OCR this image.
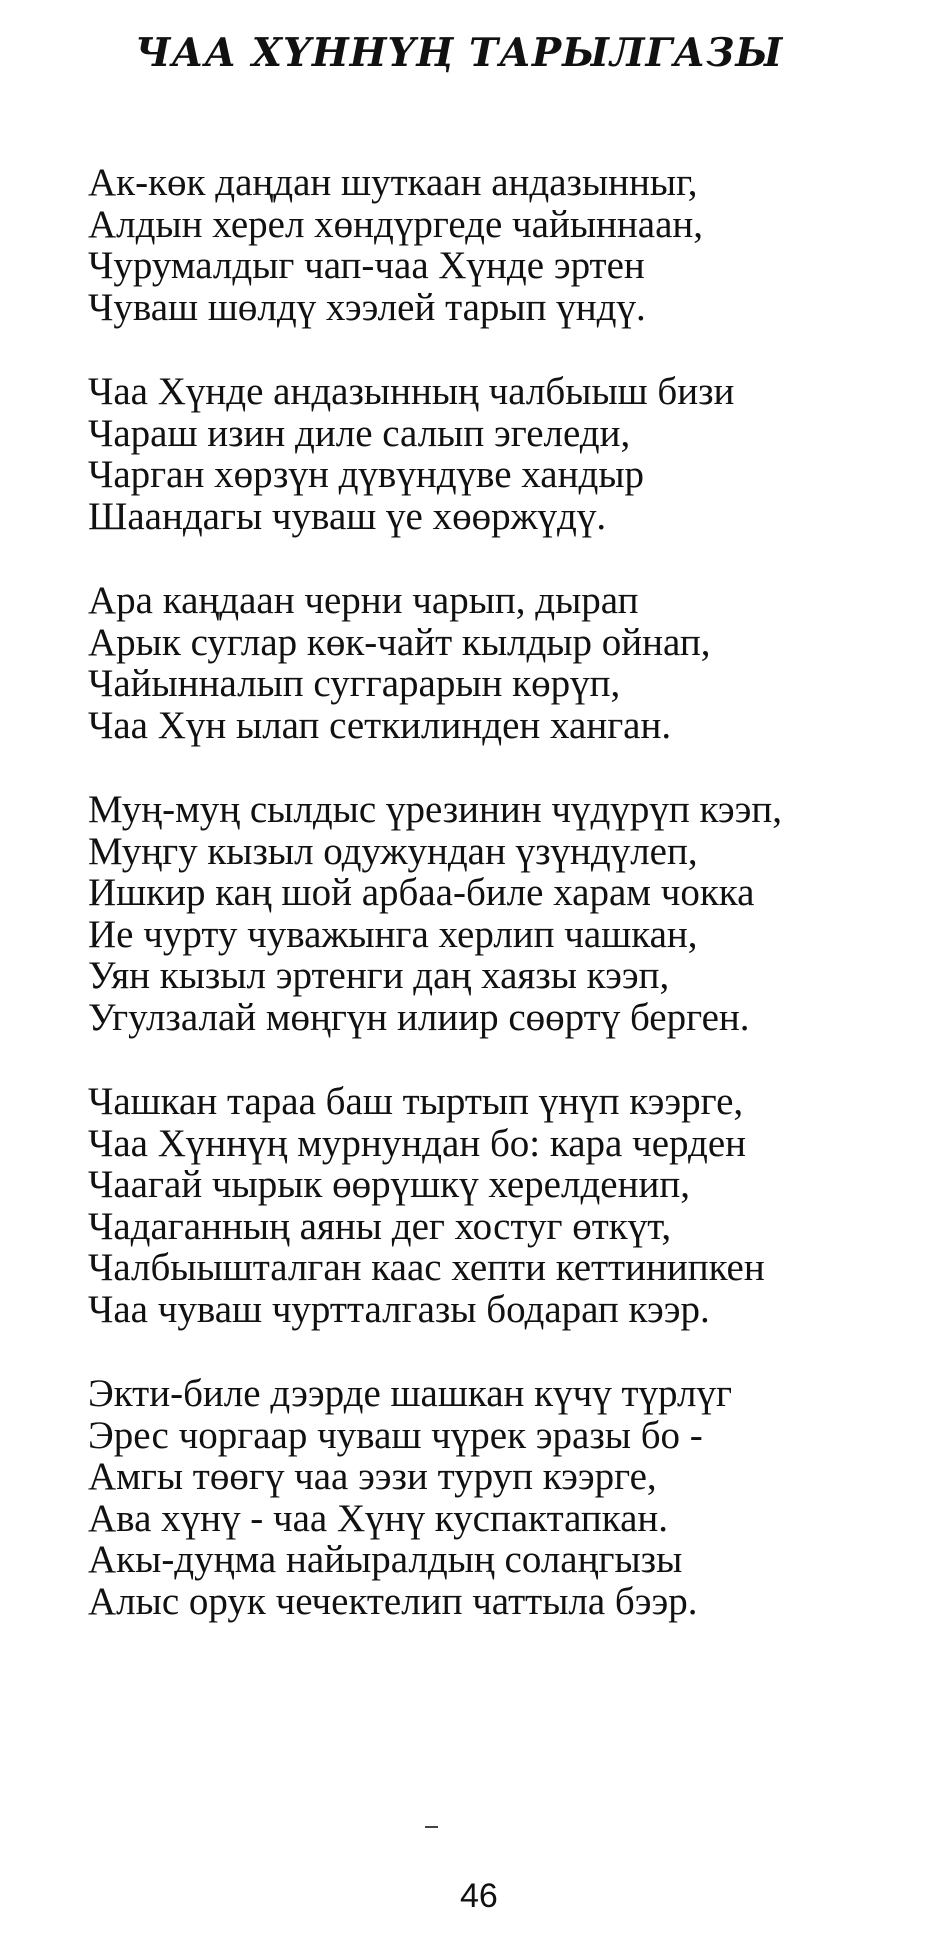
ЧАА ХҮННҮҢ ТАРЫЛГАЗЫ
Ак-көк даңдан шуткаан андазынныг,
Алдын херел хөндүргеде чайыннаан,
Чурумалдыг чап-чаа Хүнде эртен
Чуваш шөлдү хээлей тарып үндү.
Чаа Хүнде андазынның чалбыыш бизи
Чараш изин диле салып эгеледи,
Чарган хөрзүн дүвүндүве хандыр
Шаандагы чуваш үе хөөржүдү.
Ара каңдаан черни чарып, дырап
Арык суглар көк-чайт кылдыр ойнап,
Чайынналып суггарарын көрүп,
Чаа Хүн ылап сеткилинден ханган.
Муң-муң сылдыс үрезинин чүдүрүп кээп,
Муңгу кызыл одужундан үзүндүлеп,
Ишкир каң шой арбаа-биле харам чокка
Ие чурту чуважынга херлип чашкан,
Уян кызыл эртенги даң хаязы кээп,
Угулзалай мөңгүн илиир сөөртү берген.
Чашкан тараа баш тыртып үнүп кээрге,
Чаа Хүннүң мурнундан бо: кара черден
Чаагай чырык өөрүшкү херелденип,
Чадаганның аяны дег хостуг өткүт,
Чалбыышталган каас хепти кеттинипкен
Чаа чуваш чуртталгазы бодарап кээр.
Экти-биле дээрде шашкан күчү түрлүг
Эрес чоргаар чуваш чүрек эразы бо -
Амгы төөгү чаа ээзи туруп кээрге,
Ава хүнү - чаа Хүнү куспактапкан.
Акы-дуңма найыралдың солаңгызы
Алыс орук чечектелип чаттыла бээр.
46
